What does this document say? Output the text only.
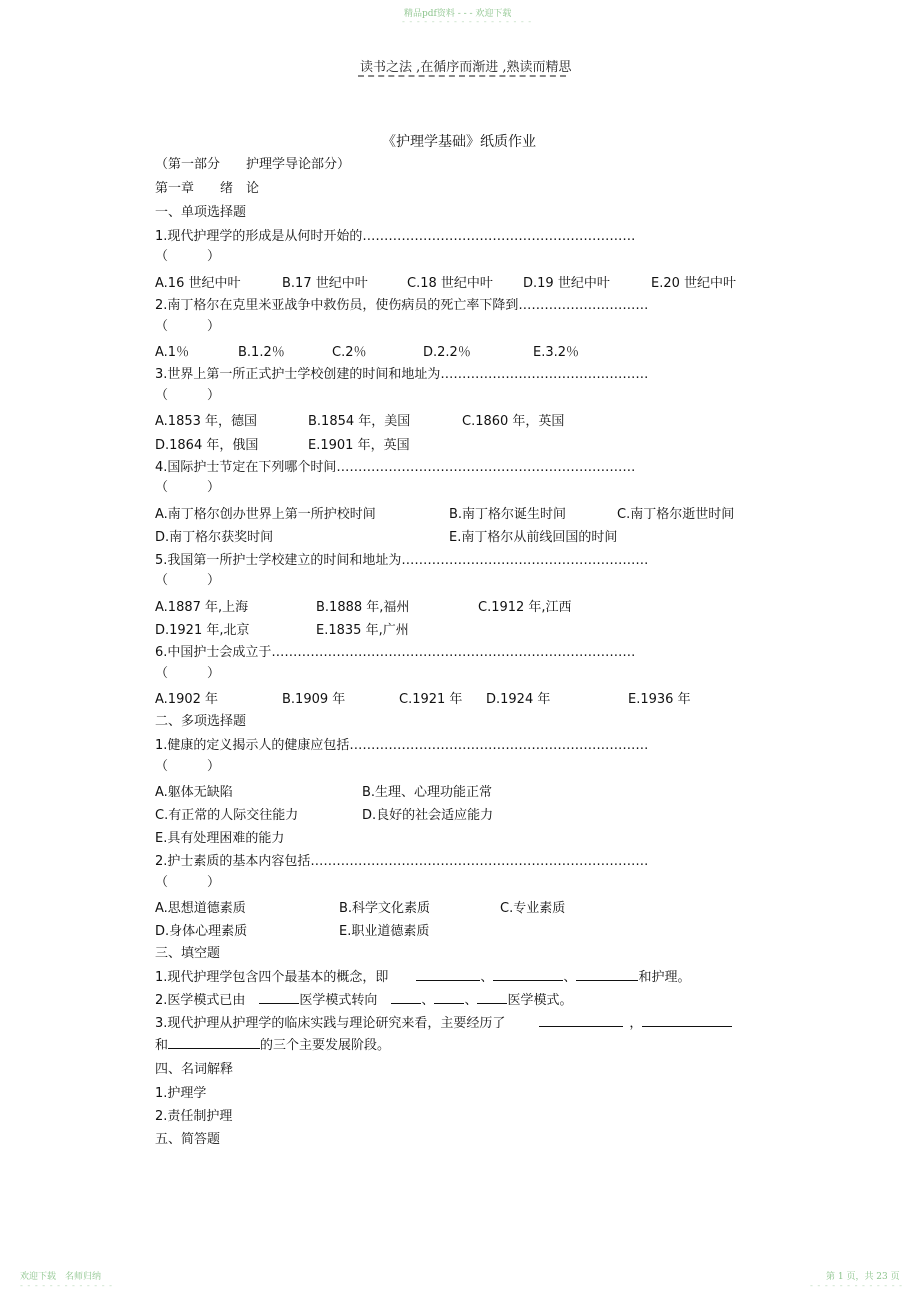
精品pdf资料 - - - 欢迎下载
- - - - - - - - - - - - - - - - - -
读书之法 ,在循序而渐进 ,熟读而精思
《护理学基础》纸质作业
（第一部分　　护理学导论部分）
第一章　　绪　论
一、单项选择题
1.现代护理学的形成是从何时开始的………………………………………………………
（　　　）
A.16 世纪中叶	B.17 世纪中叶	C.18 世纪中叶 D.19 世纪中叶	E.20 世纪中叶
2.南丁格尔在克里米亚战争中救伤员，使伤病员的死亡率下降到…………………………
（　　　）
A.1％	B.1.2％	C.2％	D.2.2％	E.3.2％
3.世界上第一所正式护士学校创建的时间和地址为…………………………………………
（　　　）
A.1853 年，德国	B.1854 年，美国	C.1860 年，英国
D.1864 年，俄国	E.1901 年，英国
4.国际护士节定在下列哪个时间……………………………………………………………
（　　　）
A.南丁格尔创办世界上第一所护校时间	B.南丁格尔诞生时间	C.南丁格尔逝世时间
D.南丁格尔获奖时间	E.南丁格尔从前线回国的时间
5.我国第一所护士学校建立的时间和地址为…………………………………………………
（　　　）
A.1887 年,上海	B.1888 年,福州	C.1912 年,江西
D.1921 年,北京	E.1835 年,广州
6.中国护士会成立于…………………………………………………………………………
（　　　）
A.1902 年	B.1909 年	C.1921 年 D.1924 年	E.1936 年
二、多项选择题
1.健康的定义揭示人的健康应包括……………………………………………………………
（　　　）
A.躯体无缺陷	B.生理、心理功能正常
C.有正常的人际交往能力	D.良好的社会适应能力
E.具有处理困难的能力
2.护士素质的基本内容包括……………………………………………………………………
（　　　）
A.思想道德素质	B.科学文化素质	C.专业素质
D.身体心理素质	E.职业道德素质
三、填空题
1.现代护理学包含四个最基本的概念，即	、	、	和护理。
2.医学模式已由	医学模式转向	、 、 医学模式。
3.现代护理从护理学的临床实践与理论研究来看，主要经历了	，
和	的三个主要发展阶段。
四、名词解释
1.护理学
2.责任制护理
五、简答题
欢迎下载　名师归纳
- - - - - - - - - - - - -
第 1 页，共 23 页
- - - - - - - - - - - - -
